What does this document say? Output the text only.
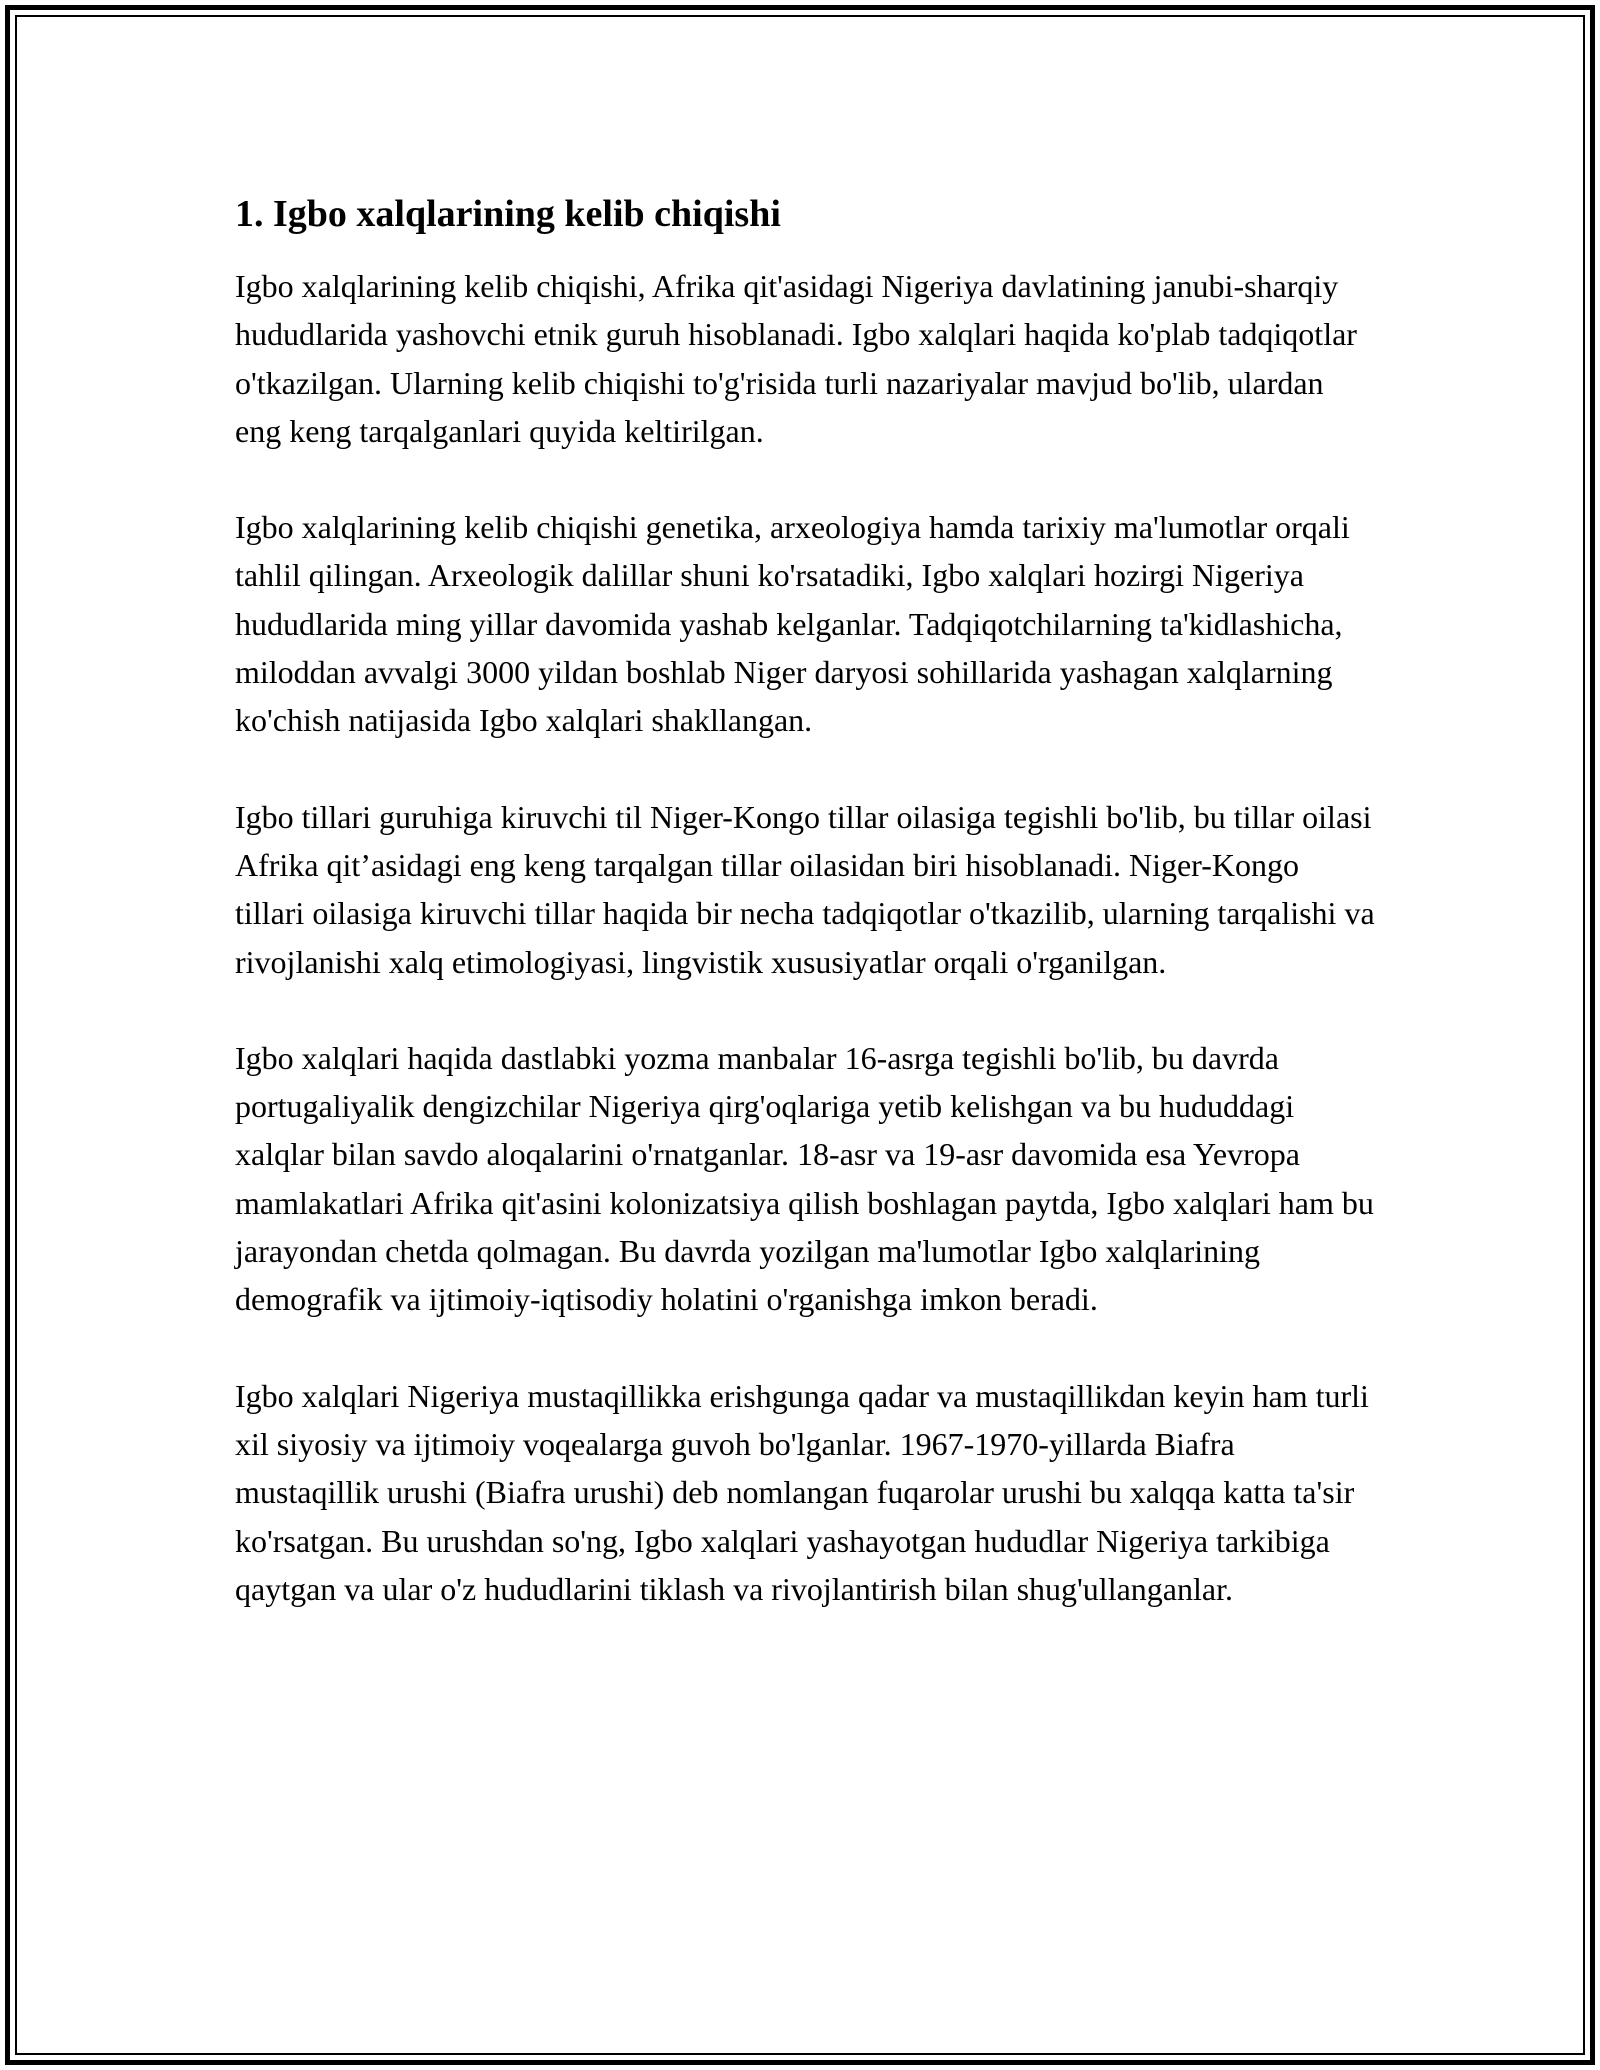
1. Igbo xalqlarining kelib chiqishi

Igbo xalqlarining kelib chiqishi, Afrika qit'asidagi Nigeriya davlatining janubi-sharqiy hududlarida yashovchi etnik guruh hisoblanadi. Igbo xalqlari haqida ko'plab tadqiqotlar o'tkazilgan. Ularning kelib chiqishi to'g'risida turli nazariyalar mavjud bo'lib, ulardan eng keng tarqalganlari quyida keltirilgan.

Igbo xalqlarining kelib chiqishi genetika, arxeologiya hamda tarixiy ma'lumotlar orqali tahlil qilingan. Arxeologik dalillar shuni ko'rsatadiki, Igbo xalqlari hozirgi Nigeriya hududlarida ming yillar davomida yashab kelganlar. Tadqiqotchilarning ta'kidlashicha, miloddan avvalgi 3000 yildan boshlab Niger daryosi sohillarida yashagan xalqlarning ko'chish natijasida Igbo xalqlari shakllangan.

Igbo tillari guruhiga kiruvchi til Niger-Kongo tillar oilasiga tegishli bo'lib, bu tillar oilasi Afrika qit’asidagi eng keng tarqalgan tillar oilasidan biri hisoblanadi. Niger-Kongo tillari oilasiga kiruvchi tillar haqida bir necha tadqiqotlar o'tkazilib, ularning tarqalishi va rivojlanishi xalq etimologiyasi, lingvistik xususiyatlar orqali o'rganilgan.

Igbo xalqlari haqida dastlabki yozma manbalar 16-asrga tegishli bo'lib, bu davrda portugaliyalik dengizchilar Nigeriya qirg'oqlariga yetib kelishgan va bu hududdagi xalqlar bilan savdo aloqalarini o'rnatganlar. 18-asr va 19-asr davomida esa Yevropa mamlakatlari Afrika qit'asini kolonizatsiya qilish boshlagan paytda, Igbo xalqlari ham bu jarayondan chetda qolmagan. Bu davrda yozilgan ma'lumotlar Igbo xalqlarining demografik va ijtimoiy-iqtisodiy holatini o'rganishga imkon beradi.

Igbo xalqlari Nigeriya mustaqillikka erishgunga qadar va mustaqillikdan keyin ham turli xil siyosiy va ijtimoiy voqealarga guvoh bo'lganlar. 1967-1970-yillarda Biafra mustaqillik urushi (Biafra urushi) deb nomlangan fuqarolar urushi bu xalqqa katta ta'sir ko'rsatgan. Bu urushdan so'ng, Igbo xalqlari yashayotgan hududlar Nigeriya tarkibiga qaytgan va ular o'z hududlarini tiklash va rivojlantirish bilan shug'ullanganlar.
